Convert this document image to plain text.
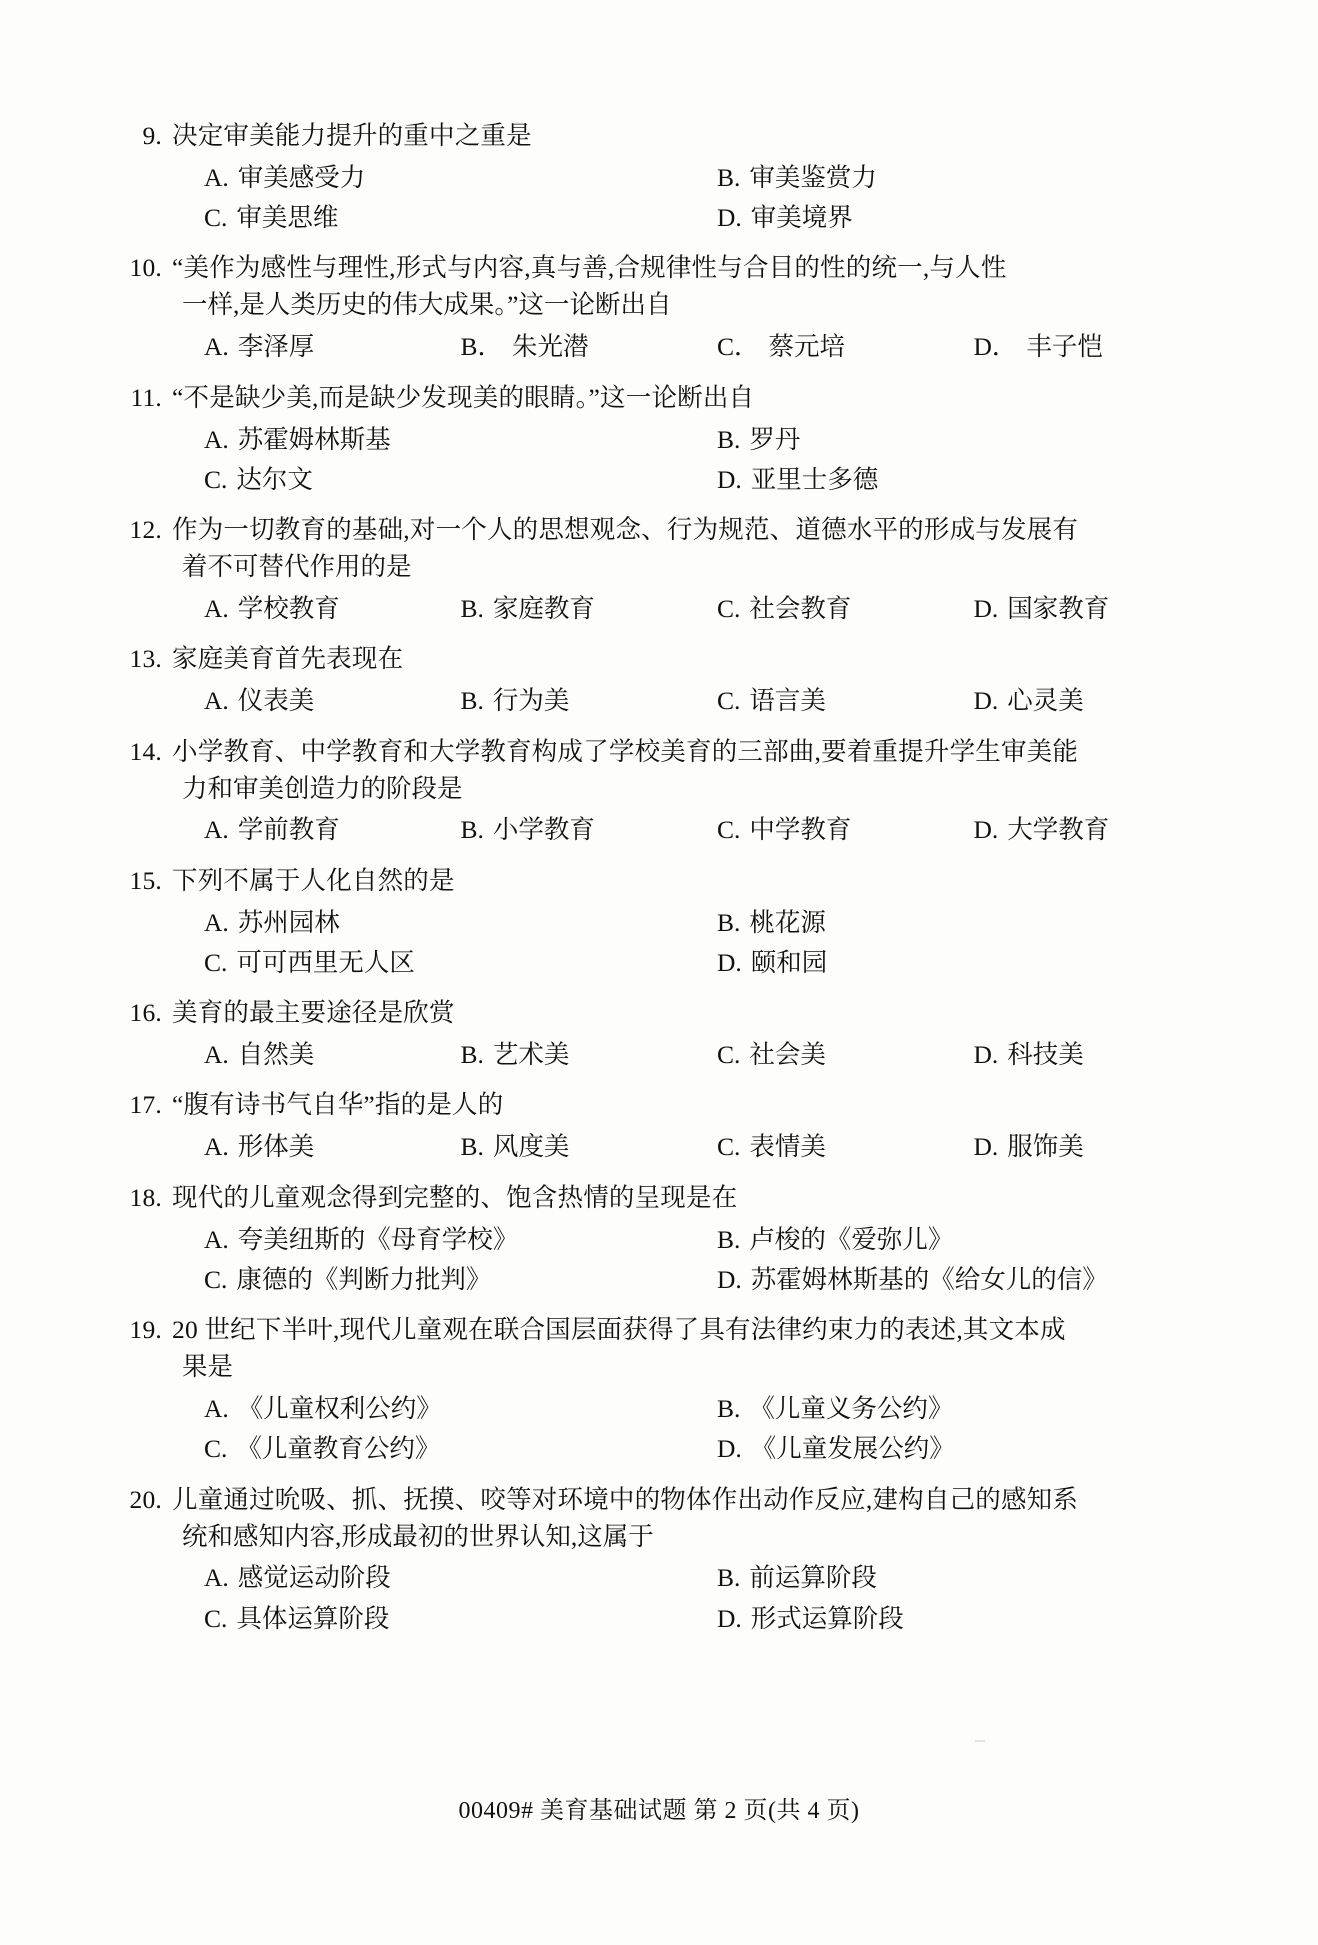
9. 决定审美能力提升的重中之重是
A. 审美感受力	B. 审美鉴赏力
C. 审美思维	D. 审美境界
10. “美作为感性与理性,形式与内容,真与善,合规律性与合目的性的统一,与人性
一样,是人类历史的伟大成果。”这一论断出自
A. 李泽厚	B． 朱光潜	C． 蔡元培	D． 丰子恺
11. “不是缺少美,而是缺少发现美的眼睛。”这一论断出自
A. 苏霍姆林斯基	B. 罗丹
C. 达尔文	D. 亚里士多德
12. 作为一切教育的基础,对一个人的思想观念、行为规范、道德水平的形成与发展有
着不可替代作用的是
A. 学校教育	B. 家庭教育	C. 社会教育	D. 国家教育
13. 家庭美育首先表现在
A. 仪表美	B. 行为美	C. 语言美	D. 心灵美
14. 小学教育、中学教育和大学教育构成了学校美育的三部曲,要着重提升学生审美能
力和审美创造力的阶段是
A. 学前教育	B. 小学教育	C. 中学教育	D. 大学教育
15. 下列不属于人化自然的是
A. 苏州园林	B. 桃花源
C. 可可西里无人区	D. 颐和园
16. 美育的最主要途径是欣赏
A. 自然美	B. 艺术美	C. 社会美	D. 科技美
17. “腹有诗书气自华”指的是人的
A. 形体美	B. 风度美	C. 表情美	D. 服饰美
18. 现代的儿童观念得到完整的、饱含热情的呈现是在
A. 夸美纽斯的《母育学校》	B. 卢梭的《爱弥儿》
C. 康德的《判断力批判》	D. 苏霍姆林斯基的《给女儿的信》
19. 20 世纪下半叶,现代儿童观在联合国层面获得了具有法律约束力的表述,其文本成
果是
A. 《儿童权利公约》	B. 《儿童义务公约》
C. 《儿童教育公约》	D. 《儿童发展公约》
20. 儿童通过吮吸、抓、抚摸、咬等对环境中的物体作出动作反应,建构自己的感知系
统和感知内容,形成最初的世界认知,这属于
A. 感觉运动阶段	B. 前运算阶段
C. 具体运算阶段	D. 形式运算阶段
00409# 美育基础试题 第 2 页(共 4 页)
